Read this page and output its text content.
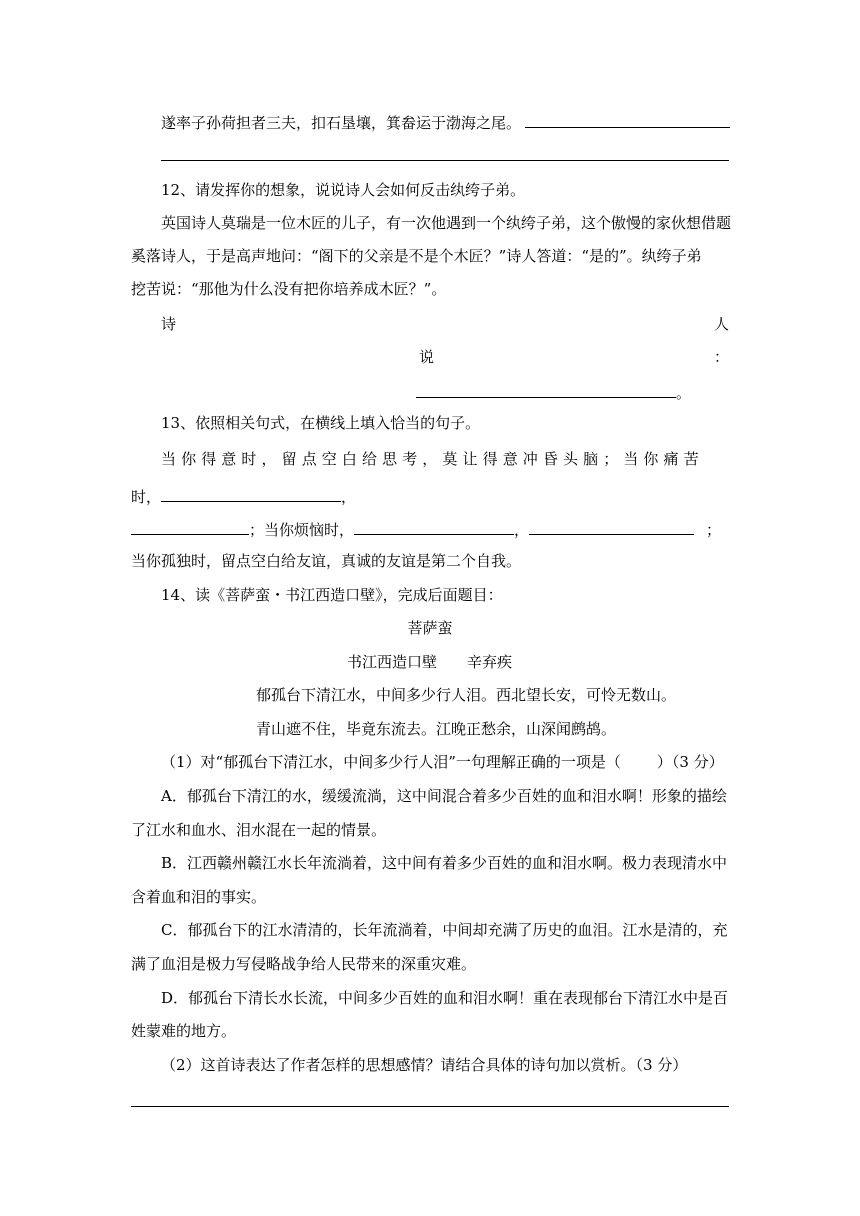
遂率子孙荷担者三夫，扣石垦壤，箕畚运于渤海之尾。
12、请发挥你的想象，说说诗人会如何反击纨绔子弟。
英国诗人莫瑞是一位木匠的儿子，有一次他遇到一个纨绔子弟，这个傲慢的家伙想借题
奚落诗人，于是高声地问：“阁下的父亲是不是个木匠？”诗人答道：“是的”。纨绔子弟
挖苦说：“那他为什么没有把你培养成木匠？”。
诗	人
说	：
。
13、依照相关句式，在横线上填入恰当的句子。
当你得意时，留点空白给思考，莫让得意冲昏头脑；当你痛苦
时，	，
；当你烦恼时，	，	；
当你孤独时，留点空白给友谊，真诚的友谊是第二个自我。
14、读《菩萨蛮・书江西造口壁》，完成后面题目：
菩萨蛮
书江西造口壁 辛弃疾
郁孤台下清江水，中间多少行人泪。西北望长安，可怜无数山。
青山遮不住，毕竟东流去。江晚正愁余，山深闻鹧鸪。
（1）对“郁孤台下清江水，中间多少行人泪”一句理解正确的一项是（ ）（3 分）
A．郁孤台下清江的水，缓缓流淌，这中间混合着多少百姓的血和泪水啊！形象的描绘
了江水和血水、泪水混在一起的情景。
B．江西赣州赣江水长年流淌着，这中间有着多少百姓的血和泪水啊。极力表现清水中
含着血和泪的事实。
C．郁孤台下的江水清清的，长年流淌着，中间却充满了历史的血泪。江水是清的，充
满了血泪是极力写侵略战争给人民带来的深重灾难。
D．郁孤台下清长水长流，中间多少百姓的血和泪水啊！重在表现郁台下清江水中是百
姓蒙难的地方。
（2）这首诗表达了作者怎样的思想感情？请结合具体的诗句加以赏析。（3 分）
